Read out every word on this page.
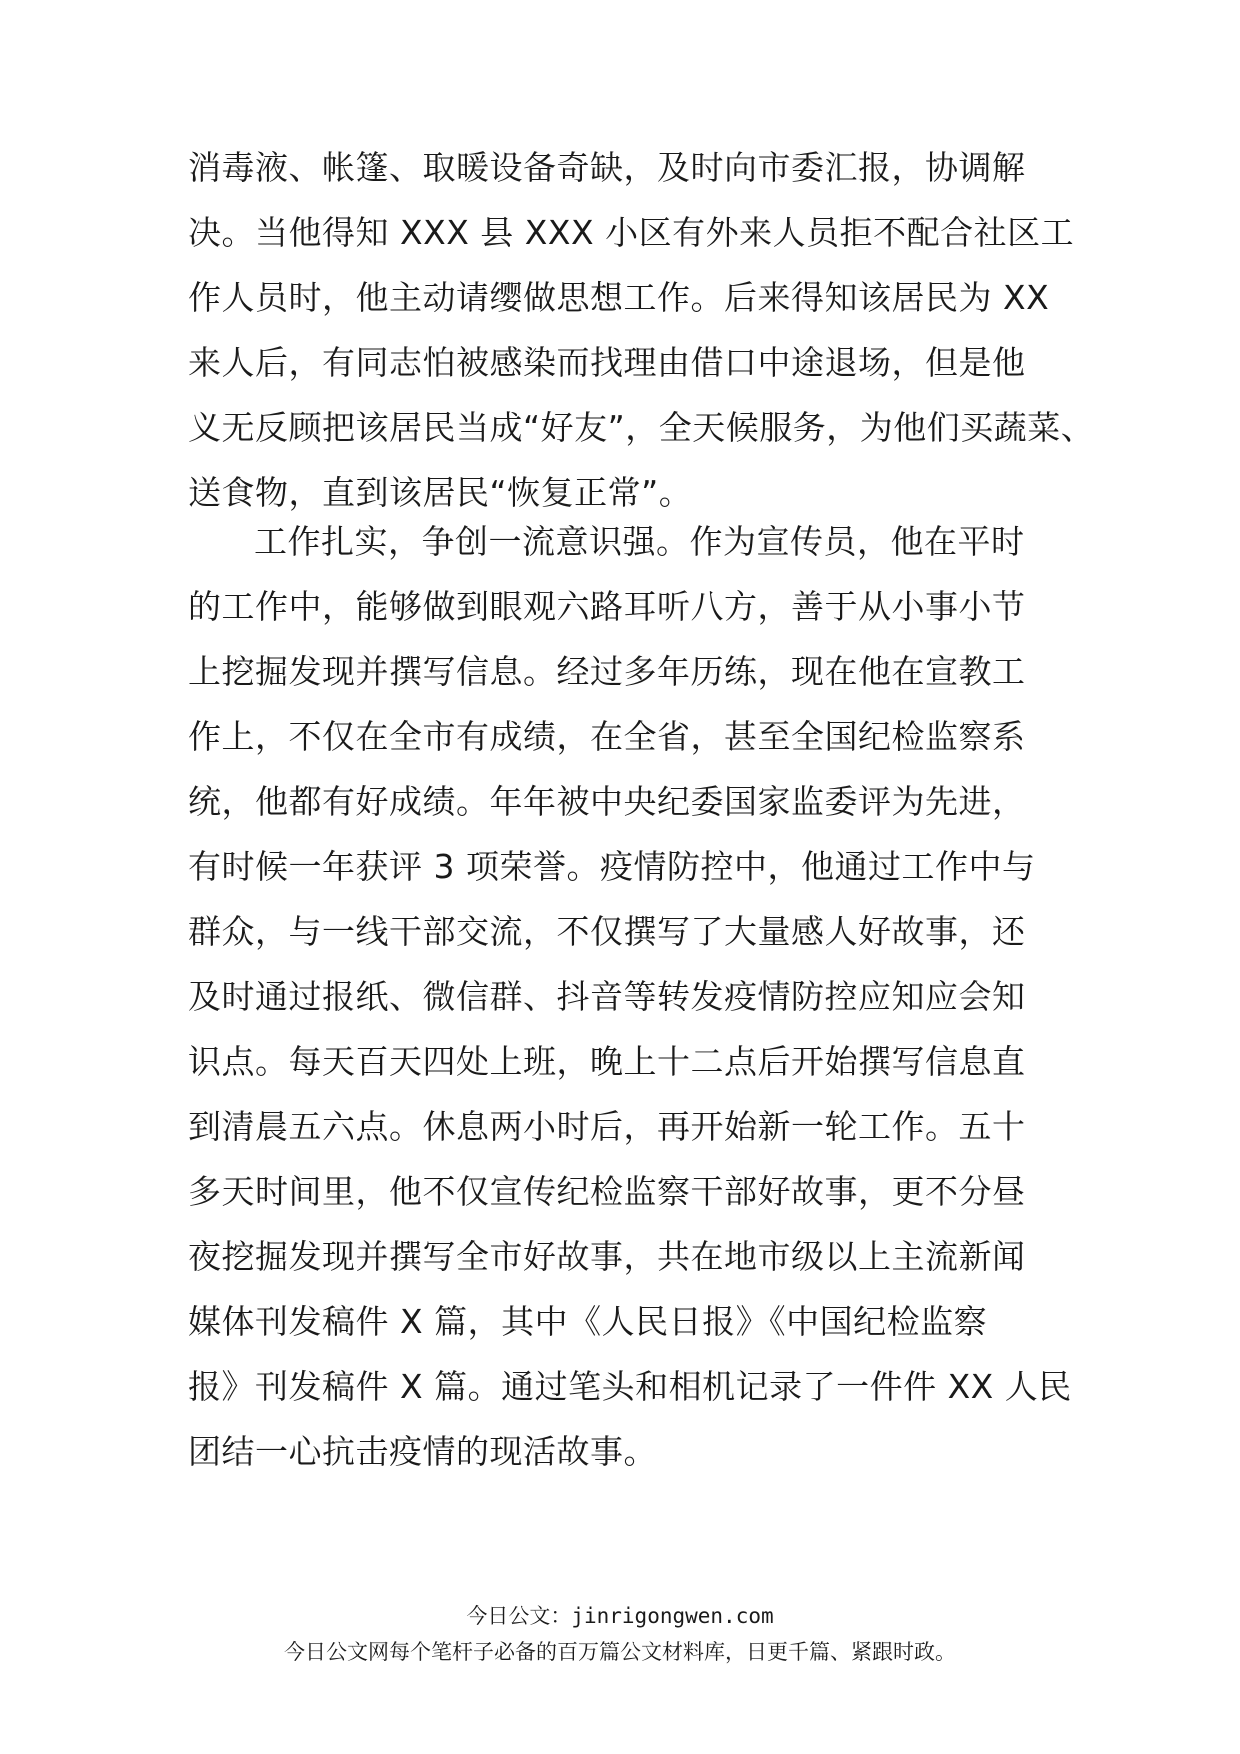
消毒液、帐篷、取暖设备奇缺，及时向市委汇报，协调解
决。当他得知 XXX 县 XXX 小区有外来人员拒不配合社区工
作人员时，他主动请缨做思想工作。后来得知该居民为 XX
来人后，有同志怕被感染而找理由借口中途退场，但是他
义无反顾把该居民当成“好友”，全天候服务，为他们买蔬菜、
送食物，直到该居民“恢复正常”。
工作扎实，争创一流意识强。作为宣传员，他在平时
的工作中，能够做到眼观六路耳听八方，善于从小事小节
上挖掘发现并撰写信息。经过多年历练，现在他在宣教工
作上，不仅在全市有成绩，在全省，甚至全国纪检监察系
统，他都有好成绩。年年被中央纪委国家监委评为先进，
有时候一年获评 3 项荣誉。疫情防控中，他通过工作中与
群众，与一线干部交流，不仅撰写了大量感人好故事，还
及时通过报纸、微信群、抖音等转发疫情防控应知应会知
识点。每天百天四处上班，晚上十二点后开始撰写信息直
到清晨五六点。休息两小时后，再开始新一轮工作。五十
多天时间里，他不仅宣传纪检监察干部好故事，更不分昼
夜挖掘发现并撰写全市好故事，共在地市级以上主流新闻
媒体刊发稿件 X 篇，其中《人民日报》《中国纪检监察
报》刊发稿件 X 篇。通过笔头和相机记录了一件件 XX 人民
团结一心抗击疫情的现活故事。
今日公文：jinrigongwen.com
今日公文网每个笔杆子必备的百万篇公文材料库，日更千篇、紧跟时政。
